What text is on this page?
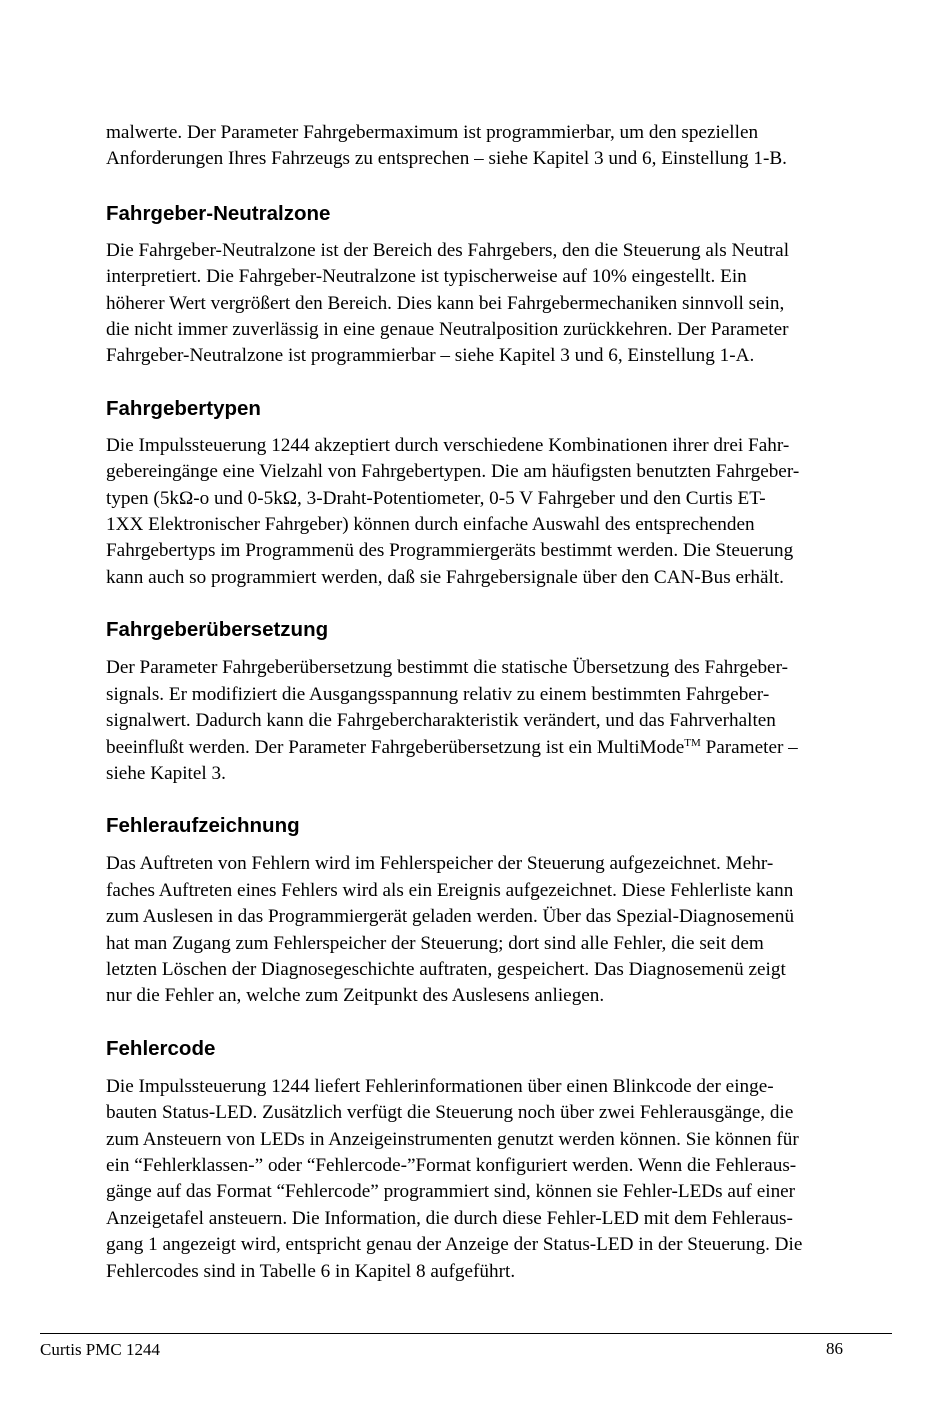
malwerte. Der Parameter Fahrgebermaximum ist programmierbar, um den speziellen
Anforderungen Ihres Fahrzeugs zu entsprechen – siehe Kapitel 3 und 6, Einstellung 1-B.

Fahrgeber-Neutralzone

Die Fahrgeber-Neutralzone ist der Bereich des Fahrgebers, den die Steuerung als Neutral
interpretiert. Die Fahrgeber-Neutralzone ist typischerweise auf 10% eingestellt. Ein
höherer Wert vergrößert den Bereich. Dies kann bei Fahrgebermechaniken sinnvoll sein,
die nicht immer zuverlässig in eine genaue Neutralposition zurückkehren. Der Parameter
Fahrgeber-Neutralzone ist programmierbar – siehe Kapitel 3 und 6, Einstellung 1-A.

Fahrgebertypen

Die Impulssteuerung 1244 akzeptiert durch verschiedene Kombinationen ihrer drei Fahr-
gebereingänge eine Vielzahl von Fahrgebertypen. Die am häufigsten benutzten Fahrgeber-
typen (5kΩ-o und 0-5kΩ, 3-Draht-Potentiometer, 0-5 V Fahrgeber und den Curtis ET-
1XX Elektronischer Fahrgeber) können durch einfache Auswahl des entsprechenden
Fahrgebertyps im Programmenü des Programmiergeräts bestimmt werden. Die Steuerung
kann auch so programmiert werden, daß sie Fahrgebersignale über den CAN-Bus erhält.

Fahrgeberübersetzung

Der Parameter Fahrgeberübersetzung bestimmt die statische Übersetzung des Fahrgeber-
signals. Er modifiziert die Ausgangsspannung relativ zu einem bestimmten Fahrgeber-
signalwert. Dadurch kann die Fahrgebercharakteristik verändert, und das Fahrverhalten
beeinflußt werden. Der Parameter Fahrgeberübersetzung ist ein MultiMode™ Parameter –
siehe Kapitel 3.

Fehleraufzeichnung

Das Auftreten von Fehlern wird im Fehlerspeicher der Steuerung aufgezeichnet. Mehr-
faches Auftreten eines Fehlers wird als ein Ereignis aufgezeichnet. Diese Fehlerliste kann
zum Auslesen in das Programmiergerät geladen werden. Über das Spezial-Diagnosemenü
hat man Zugang zum Fehlerspeicher der Steuerung; dort sind alle Fehler, die seit dem
letzten Löschen der Diagnosegeschichte auftraten, gespeichert. Das Diagnosemenü zeigt
nur die Fehler an, welche zum Zeitpunkt des Auslesens anliegen.

Fehlercode

Die Impulssteuerung 1244 liefert Fehlerinformationen über einen Blinkcode der einge-
bauten Status-LED. Zusätzlich verfügt die Steuerung noch über zwei Fehlerausgänge, die
zum Ansteuern von LEDs in Anzeigeinstrumenten genutzt werden können. Sie können für
ein “Fehlerklassen-” oder “Fehlercode-”Format konfiguriert werden. Wenn die Fehleraus-
gänge auf das Format “Fehlercode” programmiert sind, können sie Fehler-LEDs auf einer
Anzeigetafel ansteuern. Die Information, die durch diese Fehler-LED mit dem Fehleraus-
gang 1 angezeigt wird, entspricht genau der Anzeige der Status-LED in der Steuerung. Die
Fehlercodes sind in Tabelle 6 in Kapitel 8 aufgeführt.

Curtis PMC 1244	86
